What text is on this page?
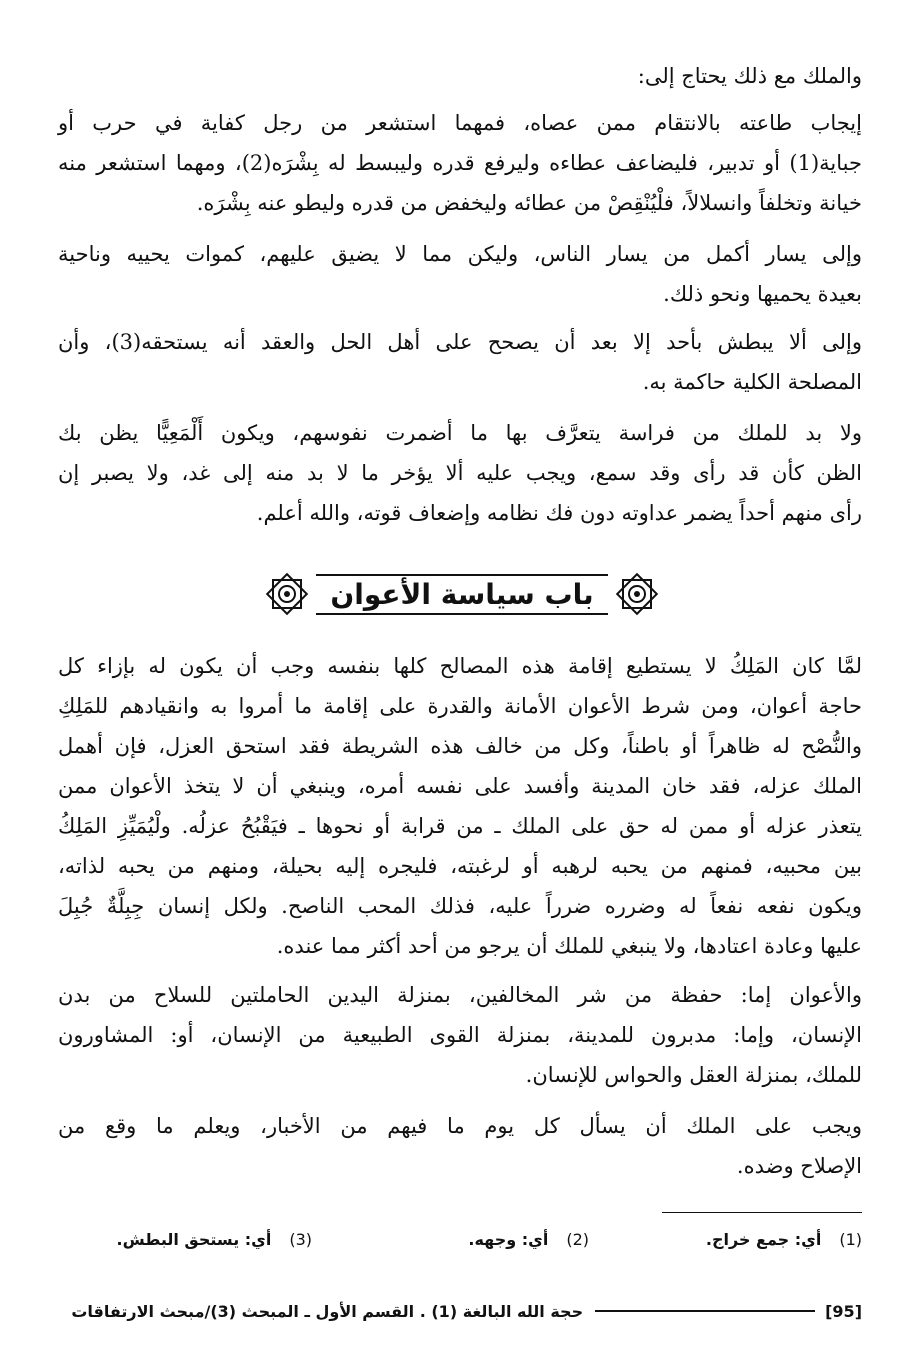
والملك مع ذلك يحتاج إلى:

إيجاب طاعته بالانتقام ممن عصاه، فمهما استشعر من رجل كفاية في حرب أو
جباية(1) أو تدبير، فليضاعف عطاءه وليرفع قدره وليبسط له بِشْرَه(2)، ومهما استشعر منه
خيانة وتخلفاً وانسلالاً، فلْيُنْقِصْ من عطائه وليخفض من قدره وليطو عنه بِشْرَه.

وإلى يسار أكمل من يسار الناس، وليكن مما لا يضيق عليهم، كموات يحييه وناحية
بعيدة يحميها ونحو ذلك.

وإلى ألا يبطش بأحد إلا بعد أن يصحح على أهل الحل والعقد أنه يستحقه(3)، وأن
المصلحة الكلية حاكمة به.

ولا بد للملك من فراسة يتعرَّف بها ما أضمرت نفوسهم، ويكون أَلْمَعِيًّا يظن بك
الظن كأن قد رأى وقد سمع، ويجب عليه ألا يؤخر ما لا بد منه إلى غد، ولا يصبر إن
رأى منهم أحداً يضمر عداوته دون فك نظامه وإضعاف قوته، والله أعلم.

باب سياسة الأعوان

لمَّا كان المَلِكُ لا يستطيع إقامة هذه المصالح كلها بنفسه وجب أن يكون له بإزاء كل
حاجة أعوان، ومن شرط الأعوان الأمانة والقدرة على إقامة ما أمروا به وانقيادهم للمَلِكِ
والنُّصْح له ظاهراً أو باطناً، وكل من خالف هذه الشريطة فقد استحق العزل، فإن أهمل
الملك عزله، فقد خان المدينة وأفسد على نفسه أمره، وينبغي أن لا يتخذ الأعوان ممن
يتعذر عزله أو ممن له حق على الملك ـ من قرابة أو نحوها ـ فيَقْبُحُ عزلُه. ولْيُمَيِّزِ المَلِكُ
بين محبيه، فمنهم من يحبه لرهبه أو لرغبته، فليجره إليه بحيلة، ومنهم من يحبه لذاته،
ويكون نفعه نفعاً له وضرره ضرراً عليه، فذلك المحب الناصح. ولكل إنسان جِبِلَّةٌ جُبِلَ
عليها وعادة اعتادها، ولا ينبغي للملك أن يرجو من أحد أكثر مما عنده.

والأعوان إما: حفظة من شر المخالفين، بمنزلة اليدين الحاملتين للسلاح من بدن
الإنسان، وإما: مدبرون للمدينة، بمنزلة القوى الطبيعية من الإنسان، أو: المشاورون
للملك، بمنزلة العقل والحواس للإنسان.

ويجب على الملك أن يسأل كل يوم ما فيهم من الأخبار، ويعلم ما وقع من
الإصلاح وضده.

(1)أي: جمع خراج.
(2)أي: وجهه.
(3)أي: يستحق البطش.
[95]
حجة الله البالغة (1) . القسم الأول ـ المبحث (3)/مبحث الارتفاقات
